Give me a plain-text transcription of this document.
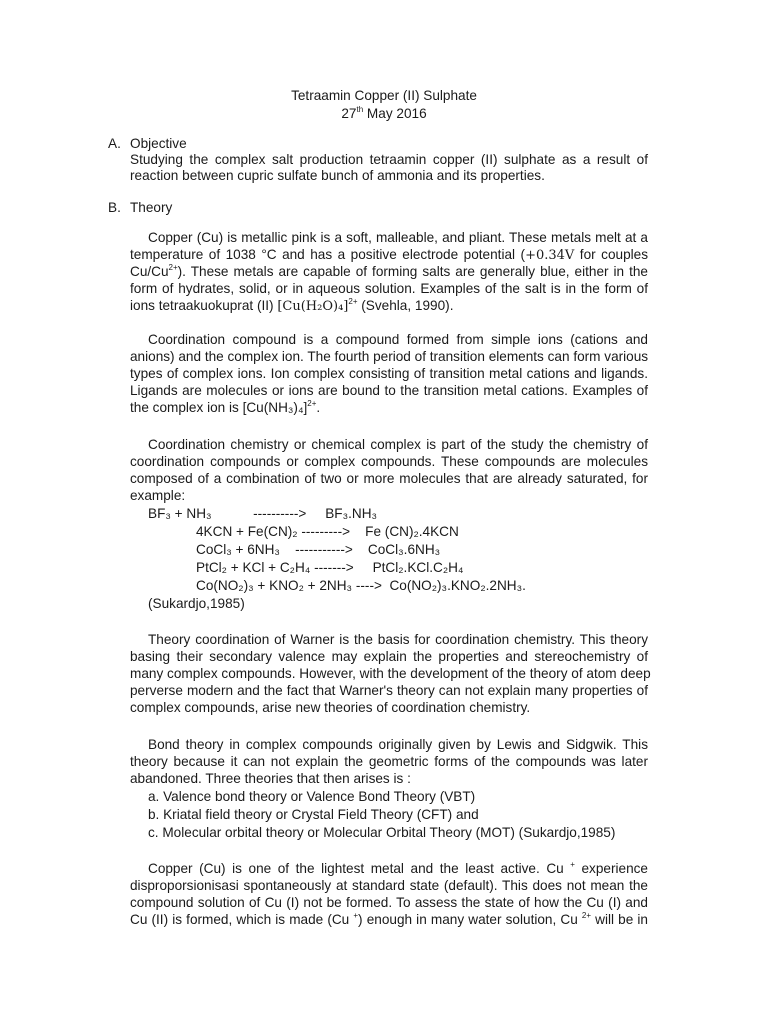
Tetraamin Copper (II) Sulphate
27th May 2016
A. Objective
Studying the complex salt production tetraamin copper (II) sulphate as a result of
reaction between cupric sulfate bunch of ammonia and its properties.
B. Theory
Copper (Cu) is metallic pink is a soft, malleable, and pliant. These metals melt at a
temperature of 1038 °C and has a positive electrode potential (+0.34V for couples
$Cu/Cu^{2+}$). These metals are capable of forming salts are generally blue, either in the
form of hydrates, solid, or in aqueous solution. Examples of the salt is in the form of
ions tetraakuokuprat (II) $[Cu(H_2O)_4]^{2+}$ (Svehla, 1990).
Coordination compound is a compound formed from simple ions (cations and
anions) and the complex ion. The fourth period of transition elements can form various
types of complex ions. Ion complex consisting of transition metal cations and ligands.
Ligands are molecules or ions are bound to the transition metal cations. Examples of
the complex ion is $[Cu(NH_3)_4]^{2+}$.
Coordination chemistry or chemical complex is part of the study the chemistry of
coordination compounds or complex compounds. These compounds are molecules
composed of a combination of two or more molecules that are already saturated, for
example:
BF₃ + NH₃           ---------->     BF₃.NH₃
4KCN + Fe(CN)₂ --------->    Fe (CN)₂.4KCN
CoCl₃ + 6NH₃    ----------->    CoCl₃.6NH₃
PtCl₂ + KCl + C₂H₄ ------->     PtCl₂.KCl.C₂H₄
Co(NO₂)₃ + KNO₂ + 2NH₃ ---->  Co(NO₂)₃.KNO₂.2NH₃.
(Sukardjo,1985)
Theory coordination of Warner is the basis for coordination chemistry. This theory
basing their secondary valence may explain the properties and stereochemistry of
many complex compounds. However, with the development of the theory of atom deep
perverse modern and the fact that Warner's theory can not explain many properties of
complex compounds, arise new theories of coordination chemistry.
Bond theory in complex compounds originally given by Lewis and Sidgwik. This
theory because it can not explain the geometric forms of the compounds was later
abandoned. Three theories that then arises is :
a. Valence bond theory or Valence Bond Theory (VBT)
b. Kriatal field theory or Crystal Field Theory (CFT) and
c. Molecular orbital theory or Molecular Orbital Theory (MOT) (Sukardjo,1985)
Copper (Cu) is one of the lightest metal and the least active. Cu + experience
disproporsionisasi spontaneously at standard state (default). This does not mean the
compound solution of Cu (I) not be formed. To assess the state of how the Cu (I) and
Cu (II) is formed, which is made (Cu +) enough in many water solution, Cu $^{2+}$ will be in
